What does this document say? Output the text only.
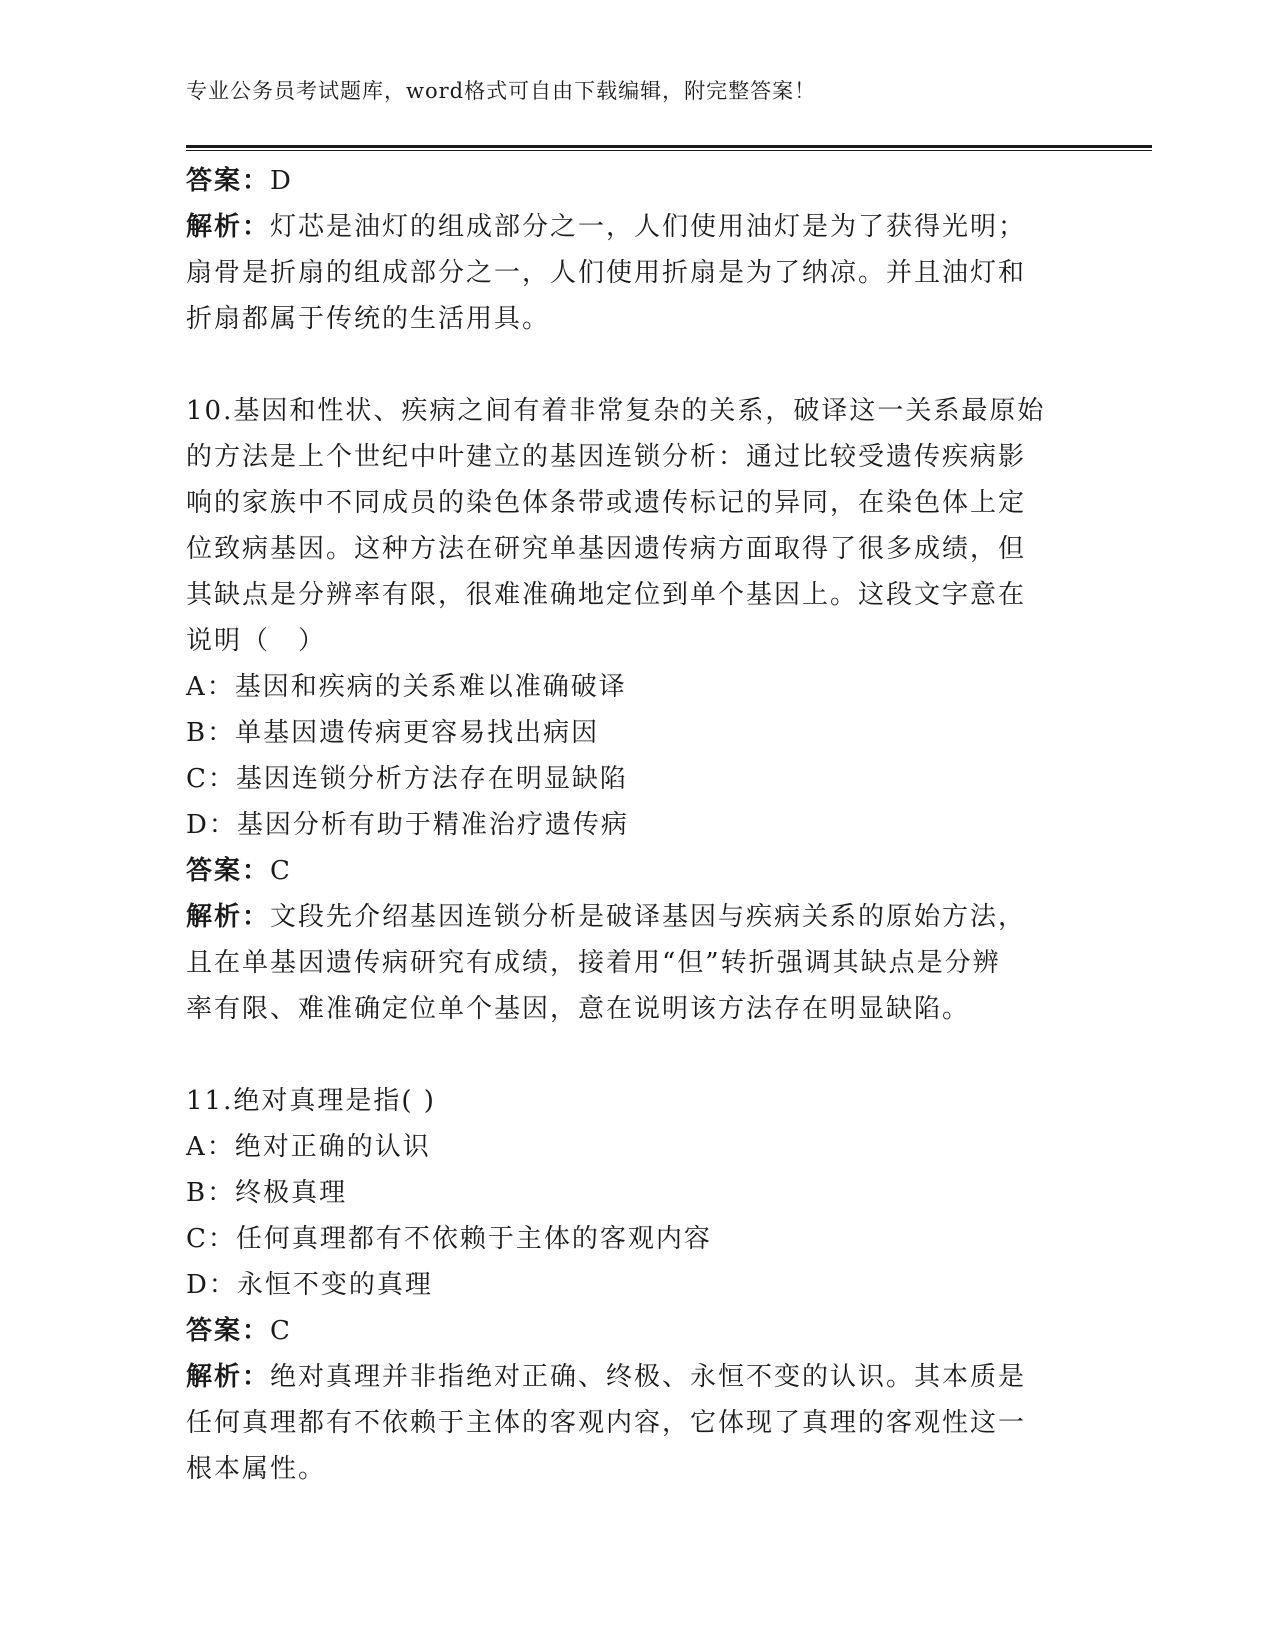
专业公务员考试题库，word格式可自由下载编辑，附完整答案！
答案：D
解析：灯芯是油灯的组成部分之一，人们使用油灯是为了获得光明；
扇骨是折扇的组成部分之一，人们使用折扇是为了纳凉。并且油灯和
折扇都属于传统的生活用具。
10.基因和性状、疾病之间有着非常复杂的关系，破译这一关系最原始
的方法是上个世纪中叶建立的基因连锁分析：通过比较受遗传疾病影
响的家族中不同成员的染色体条带或遗传标记的异同，在染色体上定
位致病基因。这种方法在研究单基因遗传病方面取得了很多成绩，但
其缺点是分辨率有限，很难准确地定位到单个基因上。这段文字意在
说明（　）
A：基因和疾病的关系难以准确破译
B：单基因遗传病更容易找出病因
C：基因连锁分析方法存在明显缺陷
D：基因分析有助于精准治疗遗传病
答案：C
解析：文段先介绍基因连锁分析是破译基因与疾病关系的原始方法，
且在单基因遗传病研究有成绩，接着用“但”转折强调其缺点是分辨
率有限、难准确定位单个基因，意在说明该方法存在明显缺陷。
11.绝对真理是指( )
A：绝对正确的认识
B：终极真理
C：任何真理都有不依赖于主体的客观内容
D：永恒不变的真理
答案：C
解析：绝对真理并非指绝对正确、终极、永恒不变的认识。其本质是
任何真理都有不依赖于主体的客观内容，它体现了真理的客观性这一
根本属性。
